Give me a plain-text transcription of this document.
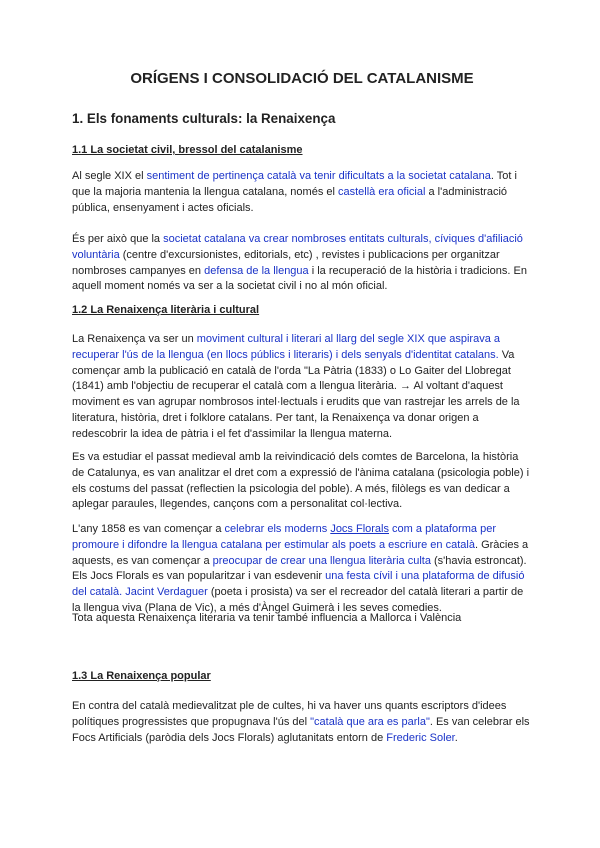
ORÍGENS I CONSOLIDACIÓ DEL CATALANISME
1. Els fonaments culturals: la Renaixença
1.1 La societat civil, bressol del catalanisme

Al segle XIX el sentiment de pertinença català va tenir dificultats a la societat catalana. Tot i que la majoria mantenia la llengua catalana, només el castellà era oficial a l'administració pública, ensenyament i actes oficials.

És per això que la societat catalana va crear nombroses entitats culturals, cíviques d'afiliació voluntària (centre d'excursionistes, editorials, etc) , revistes i publicacions per organitzar nombroses campanyes en defensa de la llengua i la recuperació de la història i tradicions. En aquell moment només va ser a la societat civil i no al món oficial.

1.2 La Renaixença literària i cultural

La Renaixença va ser un moviment cultural i literari al llarg del segle XIX que aspirava a recuperar l'ús de la llengua (en llocs públics i literaris) i dels senyals d'identitat catalans. Va començar amb la publicació en català de l'orda "La Pàtria (1833) o Lo Gaiter del Llobregat (1841) amb l'objectiu de recuperar el català com a llengua literària. → Al voltant d'aquest moviment es van agrupar nombrosos intel·lectuals i erudits que van rastrejar les arrels de la literatura, història, dret i folklore catalans. Per tant, la Renaixença va donar origen a redescobrir la idea de pàtria i el fet d'assimilar la llengua materna.

Es va estudiar el passat medieval amb la reivindicació dels comtes de Barcelona, la història de Catalunya, es van analitzar el dret com a expressió de l'ànima catalana (psicologia poble) i els costums del passat (reflectien la psicologia del poble). A més, filòlegs es van dedicar a aplegar paraules, llegendes, cançons com a personalitat col·lectiva.

L'any 1858 es van començar a celebrar els moderns Jocs Florals com a plataforma per promoure i difondre la llengua catalana per estimular als poets a escriure en català. Gràcies a aquests, es van començar a preocupar de crear una llengua literària culta (s'havia estroncat). Els Jocs Florals es van popularitzar i van esdevenir una festa cívil i una plataforma de difusió del català. Jacint Verdaguer (poeta i prosista) va ser el recreador del català literari a partir de la llengua viva (Plana de Vic), a més d'Àngel Guimerà i les seves comedies.

Tota aquesta Renaixença literaria va tenir també influencia a Mallorca i València

1.3 La Renaixença popular

En contra del català medievalitzat ple de cultes, hi va haver uns quants escriptors d'idees polítiques progressistes que propugnava l'ús del "català que ara es parla". Es van celebrar els Focs Artificials (paròdia dels Jocs Florals) aglutanitats entorn de Frederic Soler.
